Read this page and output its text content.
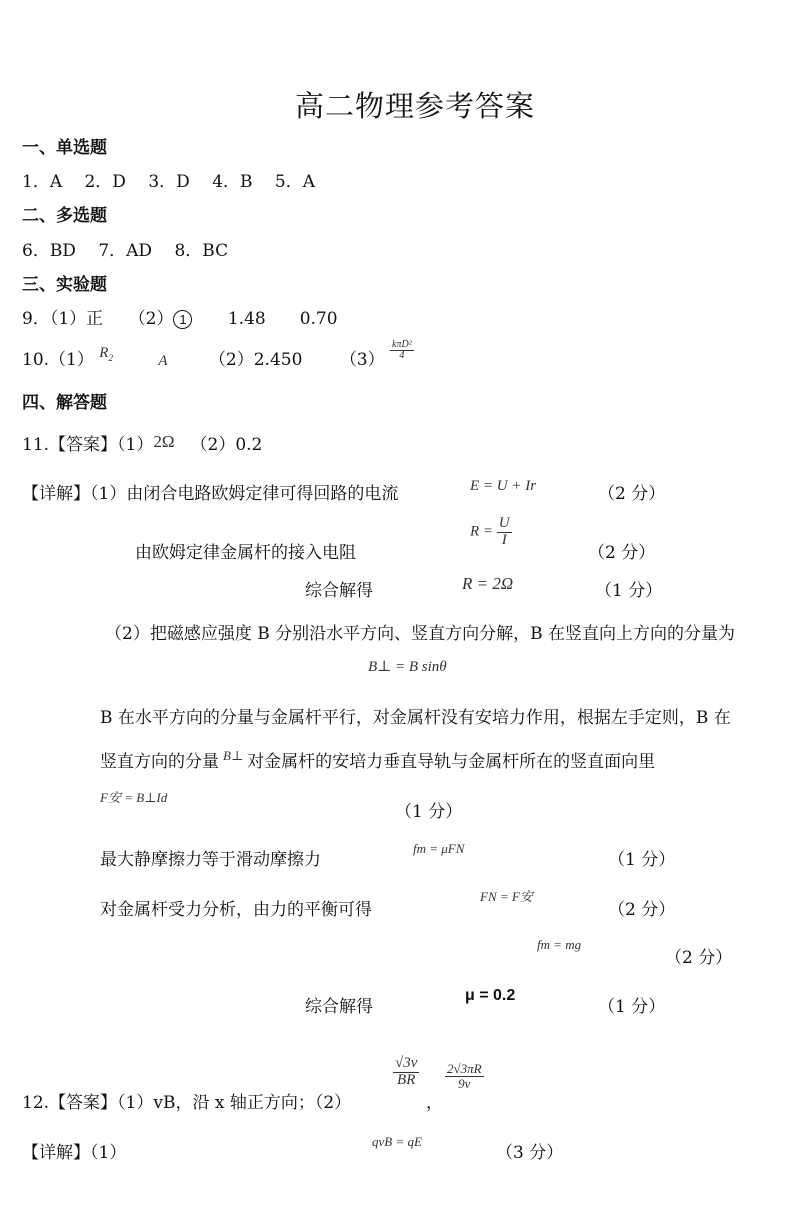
高二物理参考答案
一、单选题
1．A　 2．D　 3．D　 4．B　 5．A
二、多选题
6．BD　 7．AD　 8．BC
三、实验题
9．（1）正　　（2） 1 1.48　　0.70
10.（1） $R_2$	A （2）2.450 $(3) \frac{\text{kπD²}}{4}$
四、解答题
11.【答案】（1）2Ω （2）0.2
【详解】（1）由闭合电路欧姆定律可得回路的电流	E = U + Ir	（2 分）
由欧姆定律金属杆的接入电阻
$R = \frac{U}{I}$
（2 分）
综合解得	R = 2Ω	（1 分）
（2）把磁感应强度 B 分别沿水平方向、竖直方向分解，B 在竖直向上方向的分量为
B⊥ = B sinθ
B 在水平方向的分量与金属杆平行，对金属杆没有安培力作用，根据左手定则，B 在
竖直方向的分量 $^{B\perp}$ 对金属杆的安培力垂直导轨与金属杆所在的竖直面向里
F安 = B⊥Id
（1 分）
最大静摩擦力等于滑动摩擦力
fm = μFN
（1 分）
对金属杆受力分析，由力的平衡可得
FN = F安
（2 分）
fm = mg
（2 分）
综合解得
μ = 0.2
（1 分）
12.【答案】（1）vB，沿 x 轴正方向；（2）
$\frac{√3v}{BR}$
，
$\frac{2√3\pi R}{9v}$
【详解】（1）
qvB = qE
（3 分）
